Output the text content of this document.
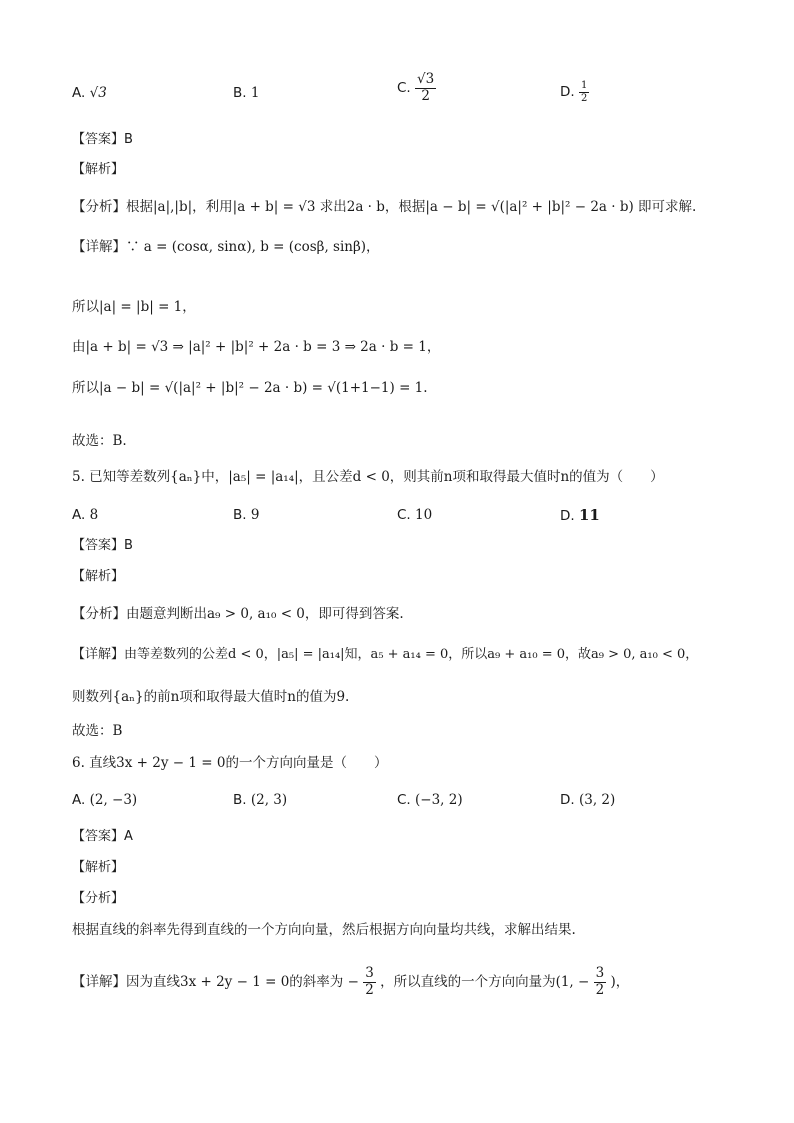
A. √3	B. 1	C. $\frac{√3}{2}$	D. $\frac{1}{2}$
【答案】B
【解析】
【分析】根据|a|,|b|，利用|a + b| = √3 求出2a · b，根据|a − b| = √(|a|² + |b|² − 2a · b) 即可求解.
【详解】∵ a = (cosα, sinα), b = (cosβ, sinβ)，
所以|a| = |b| = 1，
由|a + b| = √3 ⇒ |a|² + |b|² + 2a · b = 3 ⇒ 2a · b = 1，
所以|a − b| = √(|a|² + |b|² − 2a · b) = √(1+1−1) = 1.
故选：B.
5. 已知等差数列{aₙ}中，|a₅| = |a₁₄|，且公差d < 0，则其前n项和取得最大值时n的值为（　　）
A. 8	B. 9	C. 10	D. 11
【答案】B
【解析】
【分析】由题意判断出a₉ > 0, a₁₀ < 0，即可得到答案.
【详解】由等差数列的公差d < 0，|a₅| = |a₁₄|知，a₅ + a₁₄ = 0，所以a₉ + a₁₀ = 0，故a₉ > 0, a₁₀ < 0，
则数列{aₙ}的前n项和取得最大值时n的值为9.
故选：B
6. 直线3x + 2y − 1 = 0的一个方向向量是（　　）
A. (2, −3)	B. (2, 3)	C. (−3, 2)	D. (3, 2)
【答案】A
【解析】
【分析】
根据直线的斜率先得到直线的一个方向向量，然后根据方向向量均共线，求解出结果.
【详解】因为直线3x + 2y − 1 = 0的斜率为 − $\frac{3}{2}$ ，所以直线的一个方向向量为(1, − $\frac{3}{2}$ )，
